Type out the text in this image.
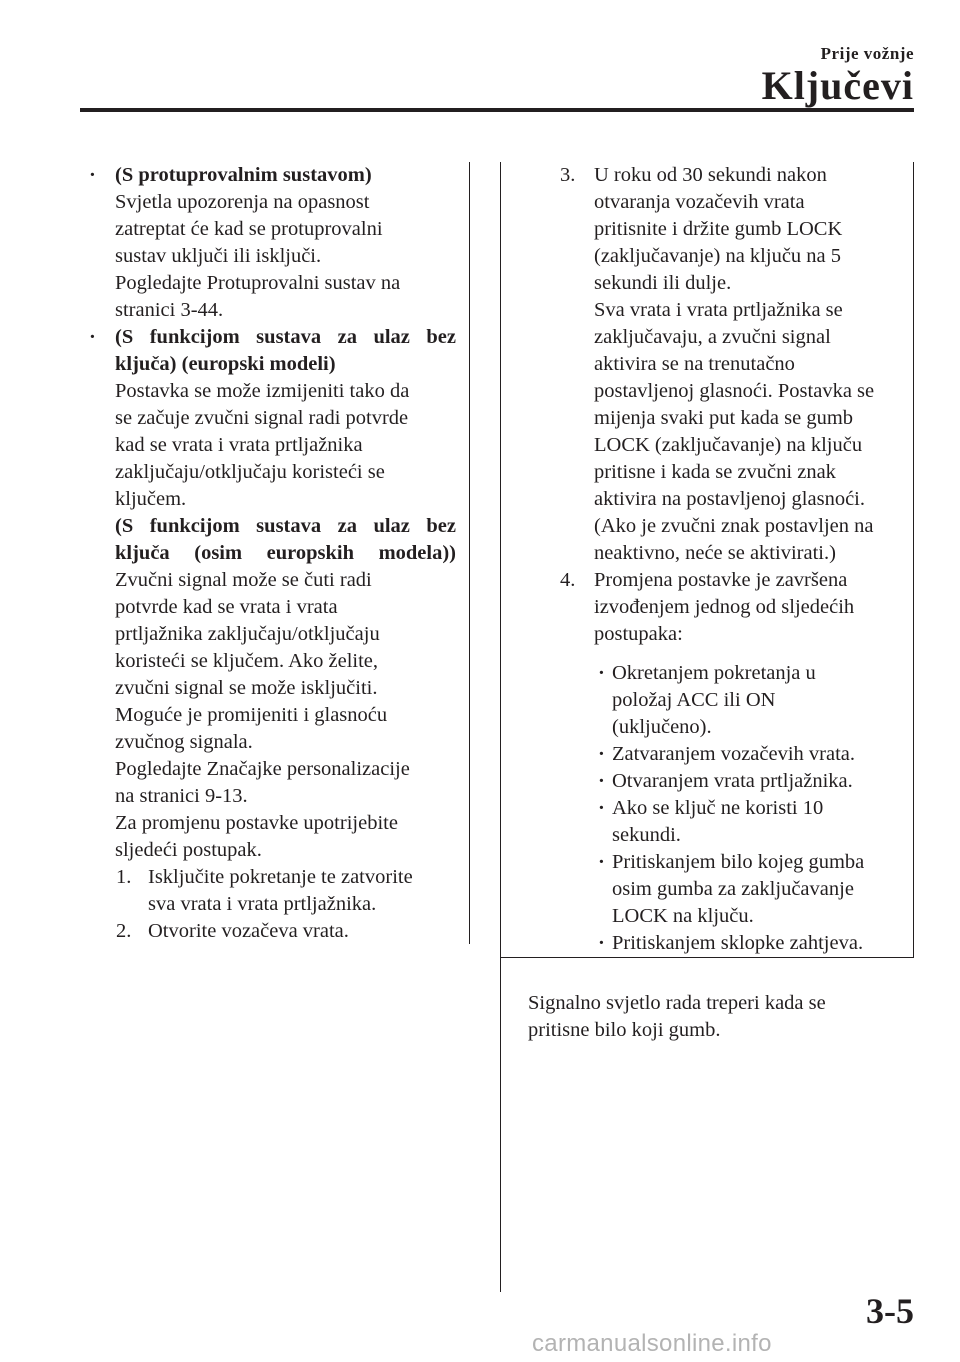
Prije vožnje
Ključevi
· (S protuprovalnim sustavom)
Svjetla upozorenja na opasnost
zatreptat će kad se protuprovalni
sustav uključi ili isključi.
Pogledajte Protuprovalni sustav na
stranici 3-44.
· (S funkcijom sustava za ulaz bez
ključa) (europski modeli)
Postavka se može izmijeniti tako da
se začuje zvučni signal radi potvrde
kad se vrata i vrata prtljažnika
zaključaju/otključaju koristeći se
ključem.
(S funkcijom sustava za ulaz bez
ključa (osim europskih modela))
Zvučni signal može se čuti radi
potvrde kad se vrata i vrata
prtljažnika zaključaju/otključaju
koristeći se ključem. Ako želite,
zvučni signal se može isključiti.
Moguće je promijeniti i glasnoću
zvučnog signala.
Pogledajte Značajke personalizacije
na stranici 9-13.
Za promjenu postavke upotrijebite
sljedeći postupak.
1. Isključite pokretanje te zatvorite
sva vrata i vrata prtljažnika.
2. Otvorite vozačeva vrata.
3. U roku od 30 sekundi nakon
otvaranja vozačevih vrata
pritisnite i držite gumb LOCK
(zaključavanje) na ključu na 5
sekundi ili dulje.
Sva vrata i vrata prtljažnika se
zaključavaju, a zvučni signal
aktivira se na trenutačno
postavljenoj glasnoći. Postavka se
mijenja svaki put kada se gumb
LOCK (zaključavanje) na ključu
pritisne i kada se zvučni znak
aktivira na postavljenoj glasnoći.
(Ako je zvučni znak postavljen na
neaktivno, neće se aktivirati.)
4. Promjena postavke je završena
izvođenjem jednog od sljedećih
postupaka:
· Okretanjem pokretanja u
položaj ACC ili ON
(uključeno).
· Zatvaranjem vozačevih vrata.
· Otvaranjem vrata prtljažnika.
· Ako se ključ ne koristi 10
sekundi.
· Pritiskanjem bilo kojeg gumba
osim gumba za zaključavanje
LOCK na ključu.
· Pritiskanjem sklopke zahtjeva.
Signalno svjetlo rada treperi kada se
pritisne bilo koji gumb.
3-5
carmanualsonline.info
